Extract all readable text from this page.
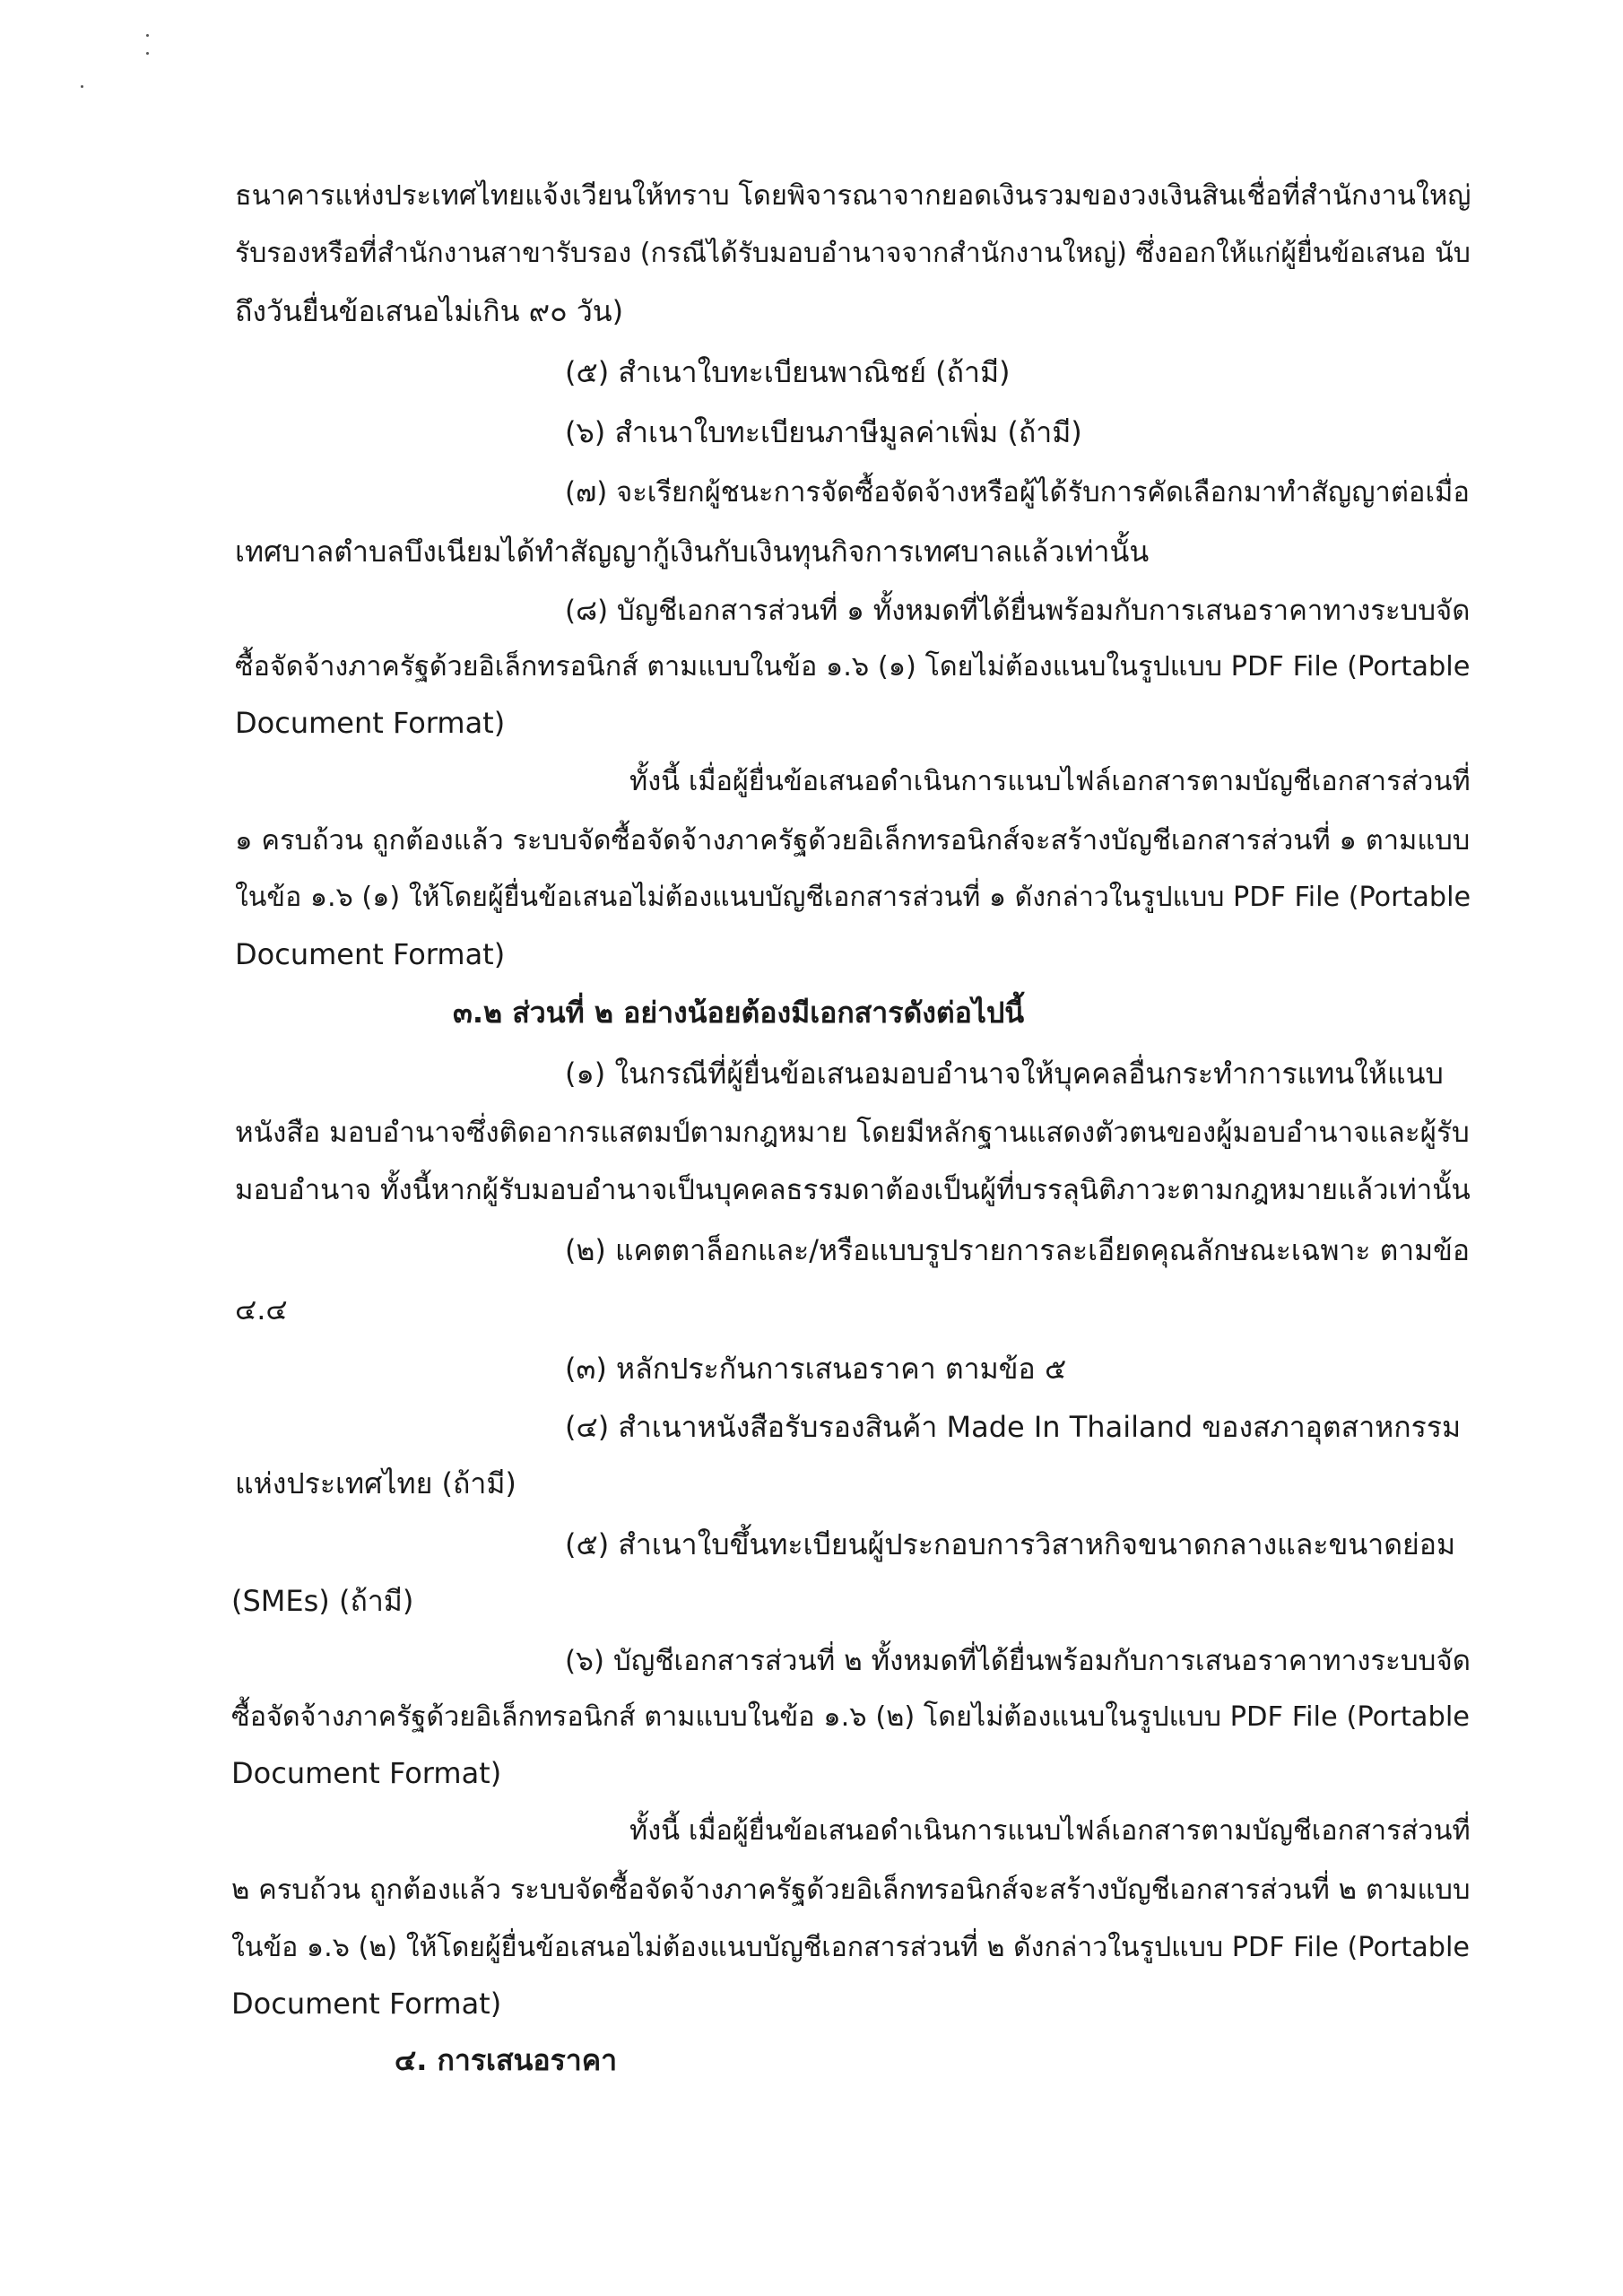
ธนาคารแห่งประเทศไทยแจ้งเวียนให้ทราบ โดยพิจารณาจากยอดเงินรวมของวงเงินสินเชื่อที่สำนักงานใหญ่
รับรองหรือที่สำนักงานสาขารับรอง (กรณีได้รับมอบอำนาจจากสำนักงานใหญ่) ซึ่งออกให้แก่ผู้ยื่นข้อเสนอ นับ
ถึงวันยื่นข้อเสนอไม่เกิน ๙๐ วัน)
(๕) สำเนาใบทะเบียนพาณิชย์ (ถ้ามี)
(๖) สำเนาใบทะเบียนภาษีมูลค่าเพิ่ม (ถ้ามี)
(๗) จะเรียกผู้ชนะการจัดซื้อจัดจ้างหรือผู้ได้รับการคัดเลือกมาทำสัญญาต่อเมื่อ
เทศบาลตำบลบึงเนียมได้ทำสัญญากู้เงินกับเงินทุนกิจการเทศบาลแล้วเท่านั้น
(๘) บัญชีเอกสารส่วนที่ ๑ ทั้งหมดที่ได้ยื่นพร้อมกับการเสนอราคาทางระบบจัด
ซื้อจัดจ้างภาครัฐด้วยอิเล็กทรอนิกส์ ตามแบบในข้อ ๑.๖ (๑) โดยไม่ต้องแนบในรูปแบบ PDF File (Portable
Document Format)
ทั้งนี้ เมื่อผู้ยื่นข้อเสนอดำเนินการแนบไฟล์เอกสารตามบัญชีเอกสารส่วนที่
๑ ครบถ้วน ถูกต้องแล้ว ระบบจัดซื้อจัดจ้างภาครัฐด้วยอิเล็กทรอนิกส์จะสร้างบัญชีเอกสารส่วนที่ ๑ ตามแบบ
ในข้อ ๑.๖ (๑) ให้โดยผู้ยื่นข้อเสนอไม่ต้องแนบบัญชีเอกสารส่วนที่ ๑ ดังกล่าวในรูปแบบ PDF File (Portable
Document Format)
๓.๒ ส่วนที่ ๒ อย่างน้อยต้องมีเอกสารดังต่อไปนี้
(๑) ในกรณีที่ผู้ยื่นข้อเสนอมอบอำนาจให้บุคคลอื่นกระทำการแทนให้แนบ
หนังสือ มอบอำนาจซึ่งติดอากรแสตมป์ตามกฎหมาย โดยมีหลักฐานแสดงตัวตนของผู้มอบอำนาจและผู้รับ
มอบอำนาจ ทั้งนี้หากผู้รับมอบอำนาจเป็นบุคคลธรรมดาต้องเป็นผู้ที่บรรลุนิติภาวะตามกฎหมายแล้วเท่านั้น
(๒) แคตตาล็อกและ/หรือแบบรูปรายการละเอียดคุณลักษณะเฉพาะ ตามข้อ
๔.๔
(๓) หลักประกันการเสนอราคา ตามข้อ ๕
(๔) สำเนาหนังสือรับรองสินค้า Made In Thailand ของสภาอุตสาหกรรม
แห่งประเทศไทย (ถ้ามี)
(๕) สำเนาใบขึ้นทะเบียนผู้ประกอบการวิสาหกิจขนาดกลางและขนาดย่อม
(SMEs) (ถ้ามี)
(๖) บัญชีเอกสารส่วนที่ ๒ ทั้งหมดที่ได้ยื่นพร้อมกับการเสนอราคาทางระบบจัด
ซื้อจัดจ้างภาครัฐด้วยอิเล็กทรอนิกส์ ตามแบบในข้อ ๑.๖ (๒) โดยไม่ต้องแนบในรูปแบบ PDF File (Portable
Document Format)
ทั้งนี้ เมื่อผู้ยื่นข้อเสนอดำเนินการแนบไฟล์เอกสารตามบัญชีเอกสารส่วนที่
๒ ครบถ้วน ถูกต้องแล้ว ระบบจัดซื้อจัดจ้างภาครัฐด้วยอิเล็กทรอนิกส์จะสร้างบัญชีเอกสารส่วนที่ ๒ ตามแบบ
ในข้อ ๑.๖ (๒) ให้โดยผู้ยื่นข้อเสนอไม่ต้องแนบบัญชีเอกสารส่วนที่ ๒ ดังกล่าวในรูปแบบ PDF File (Portable
Document Format)
๔. การเสนอราคา
